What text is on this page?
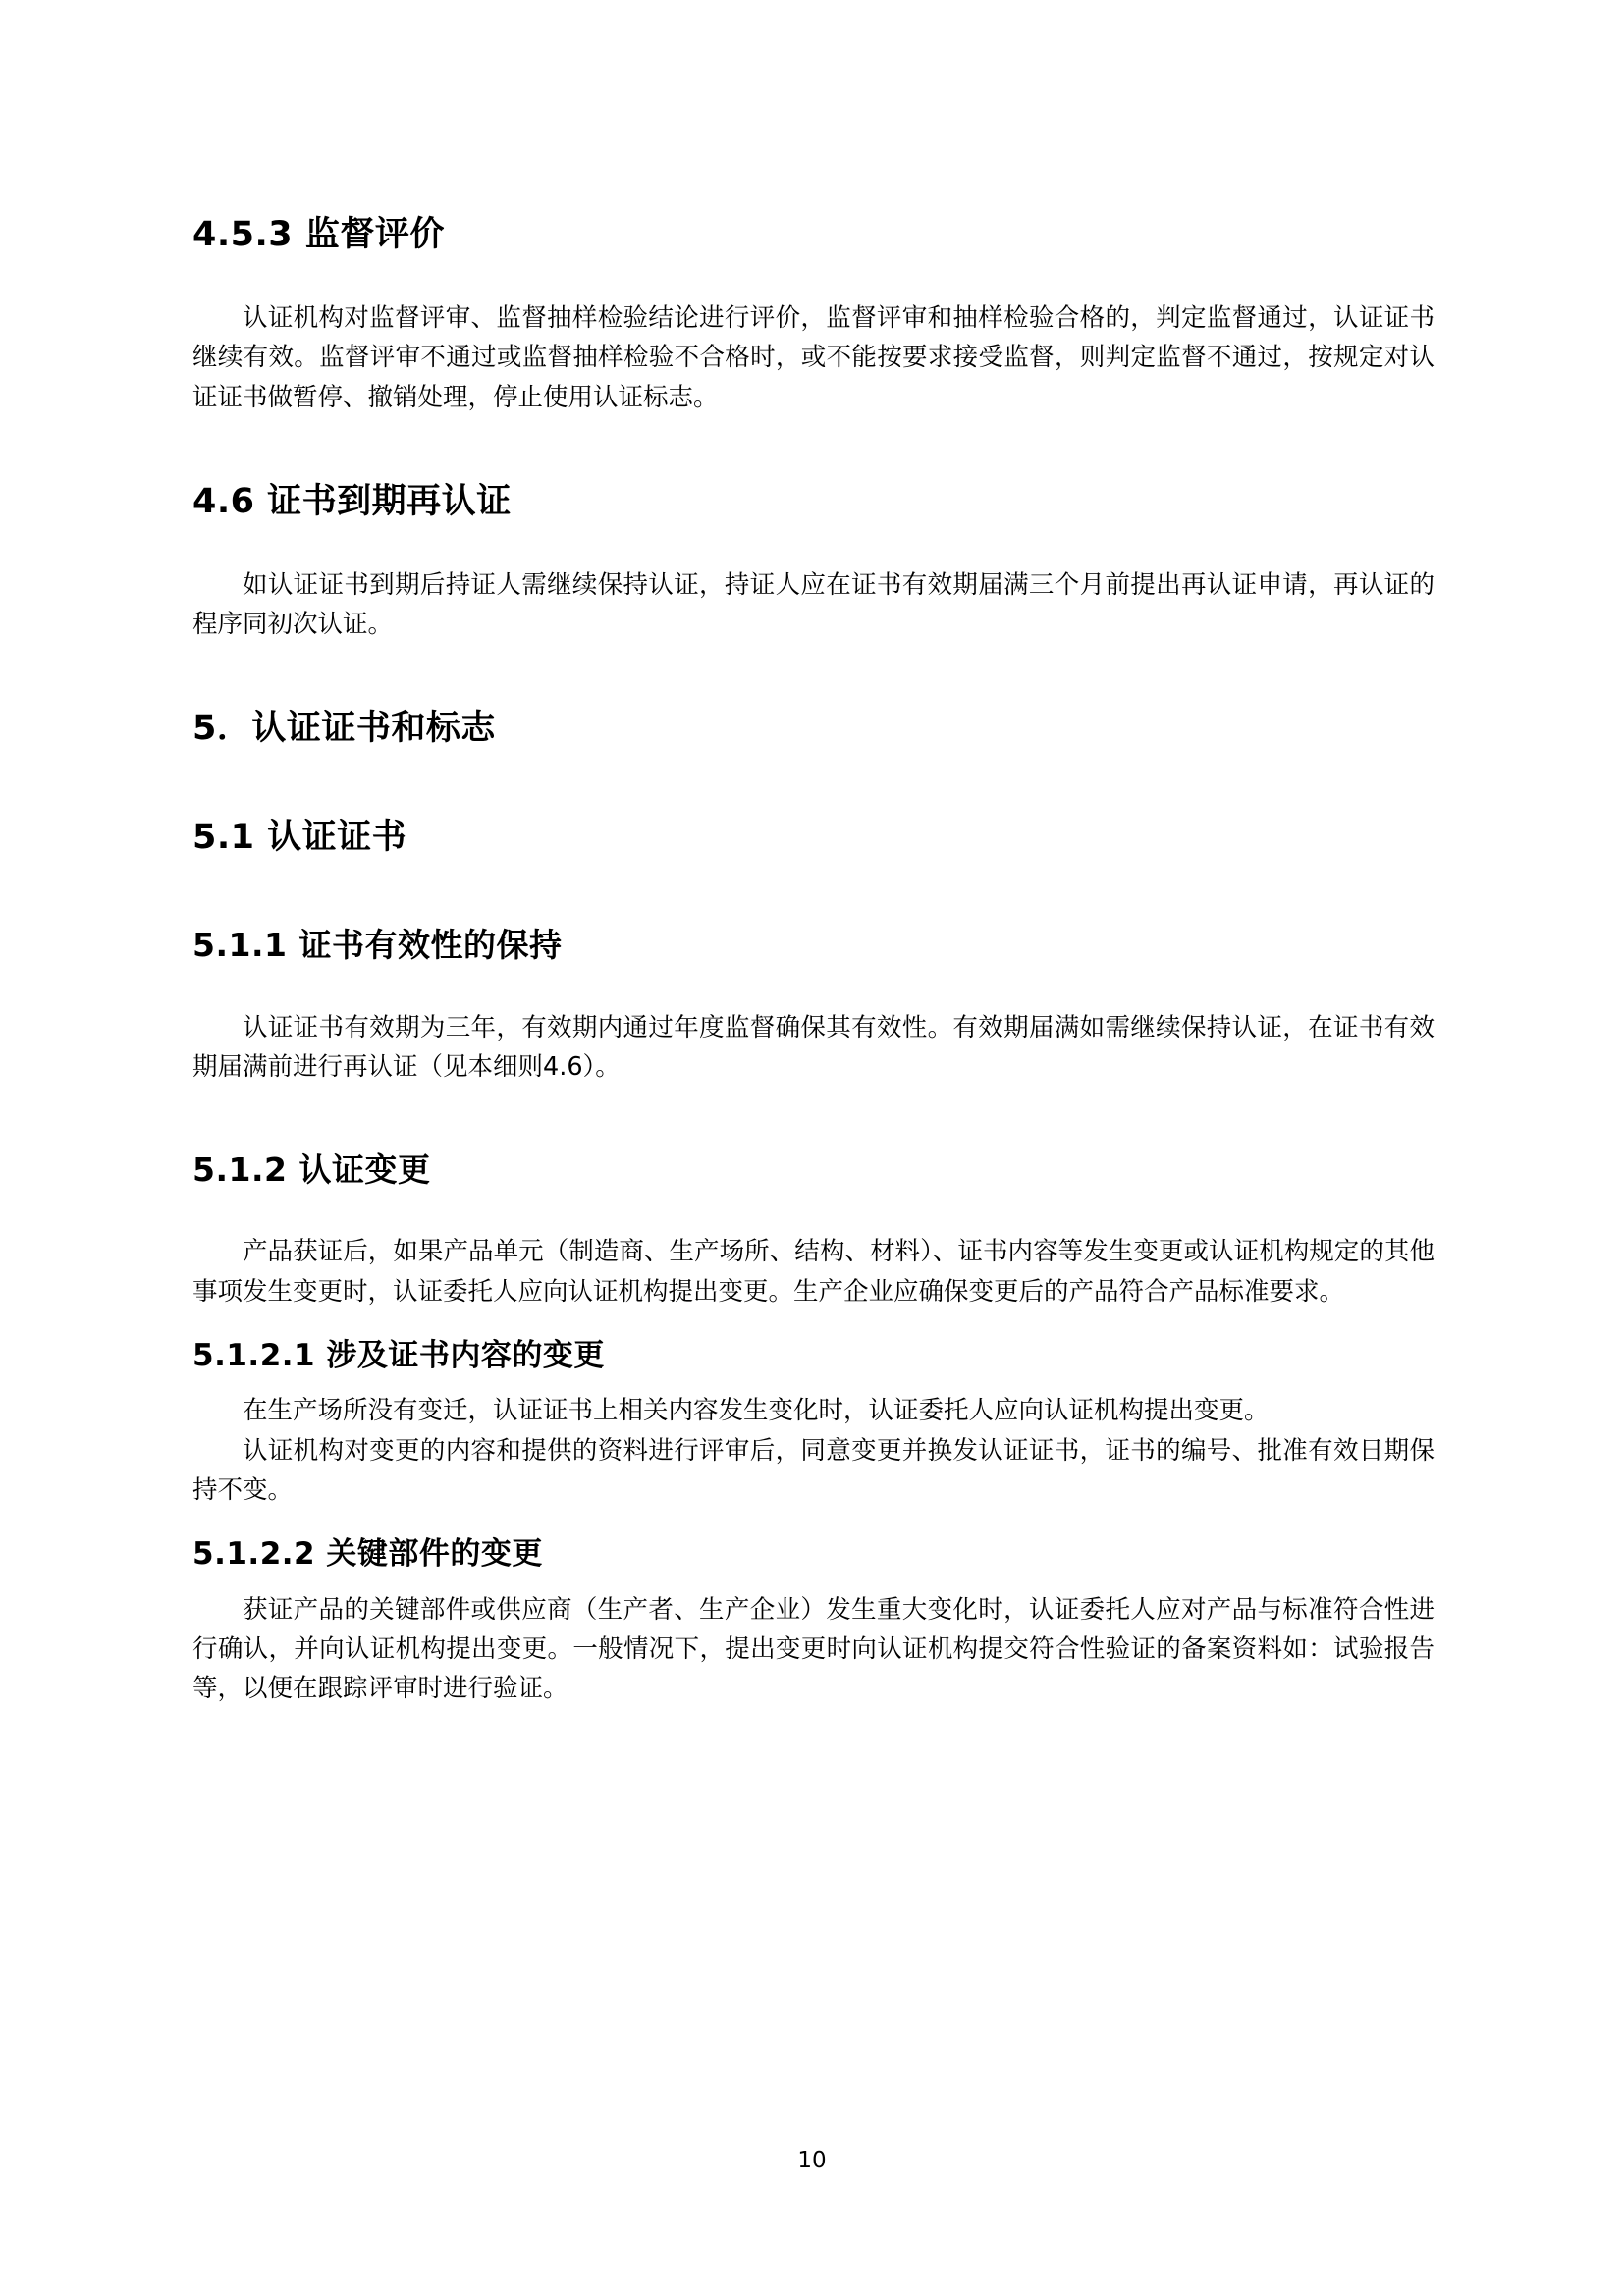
4.5.3 监督评价

认证机构对监督评审、监督抽样检验结论进行评价，监督评审和抽样检验合格的，判定监督通过，认证证书继续有效。监督评审不通过或监督抽样检验不合格时，或不能按要求接受监督，则判定监督不通过，按规定对认证证书做暂停、撤销处理，停止使用认证标志。

4.6 证书到期再认证

如认证证书到期后持证人需继续保持认证，持证人应在证书有效期届满三个月前提出再认证申请，再认证的程序同初次认证。

5．认证证书和标志
5.1 认证证书
5.1.1 证书有效性的保持

认证证书有效期为三年，有效期内通过年度监督确保其有效性。有效期届满如需继续保持认证，在证书有效期届满前进行再认证（见本细则4.6）。

5.1.2 认证变更

产品获证后，如果产品单元（制造商、生产场所、结构、材料）、证书内容等发生变更或认证机构规定的其他事项发生变更时，认证委托人应向认证机构提出变更。生产企业应确保变更后的产品符合产品标准要求。

5.1.2.1 涉及证书内容的变更

在生产场所没有变迁，认证证书上相关内容发生变化时，认证委托人应向认证机构提出变更。

认证机构对变更的内容和提供的资料进行评审后，同意变更并换发认证证书，证书的编号、批准有效日期保持不变。

5.1.2.2 关键部件的变更

获证产品的关键部件或供应商（生产者、生产企业）发生重大变化时，认证委托人应对产品与标准符合性进行确认，并向认证机构提出变更。一般情况下，提出变更时向认证机构提交符合性验证的备案资料如：试验报告等，以便在跟踪评审时进行验证。

10
